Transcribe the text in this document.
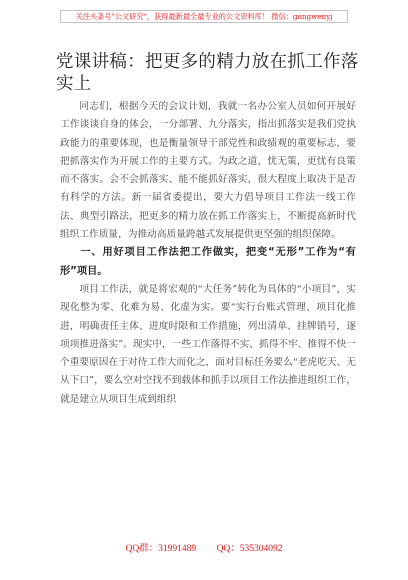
关注头条号"公文研究"，获得最新最全最专业的公文资料库！ 微信：gongwenyj
党课讲稿：把更多的精力放在抓工作落实上

同志们，根据今天的会议计划，我就一名办公室人员如何开展好工作谈谈自身的体会，一分部署、九分落实，指出抓落实是我们党执政能力的重要体现，也是衡量领导干部党性和政绩观的重要标志，要把抓落实作为开展工作的主要方式。为政之道，忧无策，更忧有良策而不落实。会不会抓落实、能不能抓好落实，很大程度上取决于是否有科学的方法。新一届省委提出，要大力倡导项目工作法一线工作法、典型引路法，把更多的精力放在抓工作落实上，不断提高新时代组织工作质量，为推动高质量跨越式发展提供更坚强的组织保障。

一、用好项目工作法把工作做实，把变“无形”工作为“有形”项目。

项目工作法，就是将宏观的“大任务”转化为具体的“小项目”，实现化整为零、化难为易、化虚为实。要“实行台账式管理、项目化推进，明确责任主体、进度时限和工作措施，列出清单、挂牌销号，逐项项推进落实”。现实中，一些工作落得不实、抓得不牢、推得不快一个重要原因在于对待工作大而化之，面对目标任务要么“老虎吃天、无从下口”，要么空对空找不到载体和抓手以项目工作法推进组织工作，就是建立从项目生成到组织

QQ群：31991489 QQ：535304092
